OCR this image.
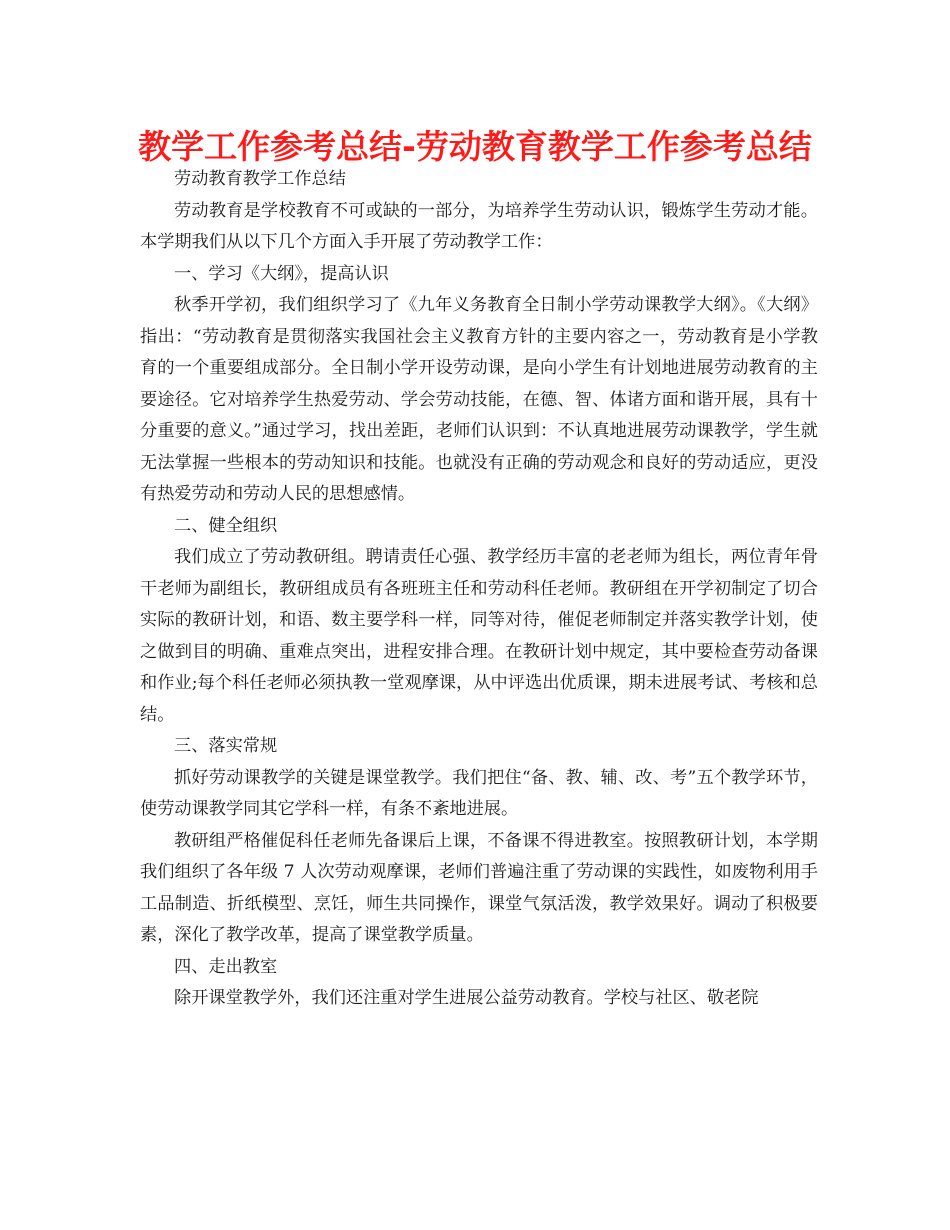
教学工作参考总结-劳动教育教学工作参考总结

劳动教育教学工作总结

劳动教育是学校教育不可或缺的一部分，为培养学生劳动认识，锻炼学生劳动才能。本学期我们从以下几个方面入手开展了劳动教学工作：

一、学习《大纲》，提高认识

秋季开学初，我们组织学习了《九年义务教育全日制小学劳动课教学大纲》。《大纲》指出：“劳动教育是贯彻落实我国社会主义教育方针的主要内容之一，劳动教育是小学教育的一个重要组成部分。全日制小学开设劳动课，是向小学生有计划地进展劳动教育的主要途径。它对培养学生热爱劳动、学会劳动技能，在德、智、体诸方面和谐开展，具有十分重要的意义。”通过学习，找出差距，老师们认识到：不认真地进展劳动课教学，学生就无法掌握一些根本的劳动知识和技能。也就没有正确的劳动观念和良好的劳动适应，更没有热爱劳动和劳动人民的思想感情。

二、健全组织

我们成立了劳动教研组。聘请责任心强、教学经历丰富的老老师为组长，两位青年骨干老师为副组长，教研组成员有各班班主任和劳动科任老师。教研组在开学初制定了切合实际的教研计划，和语、数主要学科一样，同等对待，催促老师制定并落实教学计划，使之做到目的明确、重难点突出，进程安排合理。在教研计划中规定，其中要检查劳动备课和作业;每个科任老师必须执教一堂观摩课，从中评选出优质课，期未进展考试、考核和总结。

三、落实常规

抓好劳动课教学的关键是课堂教学。我们把住“备、教、辅、改、考”五个教学环节，使劳动课教学同其它学科一样，有条不紊地进展。

教研组严格催促科任老师先备课后上课，不备课不得进教室。按照教研计划，本学期我们组织了各年级 7 人次劳动观摩课，老师们普遍注重了劳动课的实践性，如废物利用手工品制造、折纸模型、烹饪，师生共同操作，课堂气氛活泼，教学效果好。调动了积极要素，深化了教学改革，提高了课堂教学质量。

四、走出教室

除开课堂教学外，我们还注重对学生进展公益劳动教育。学校与社区、敬老院
